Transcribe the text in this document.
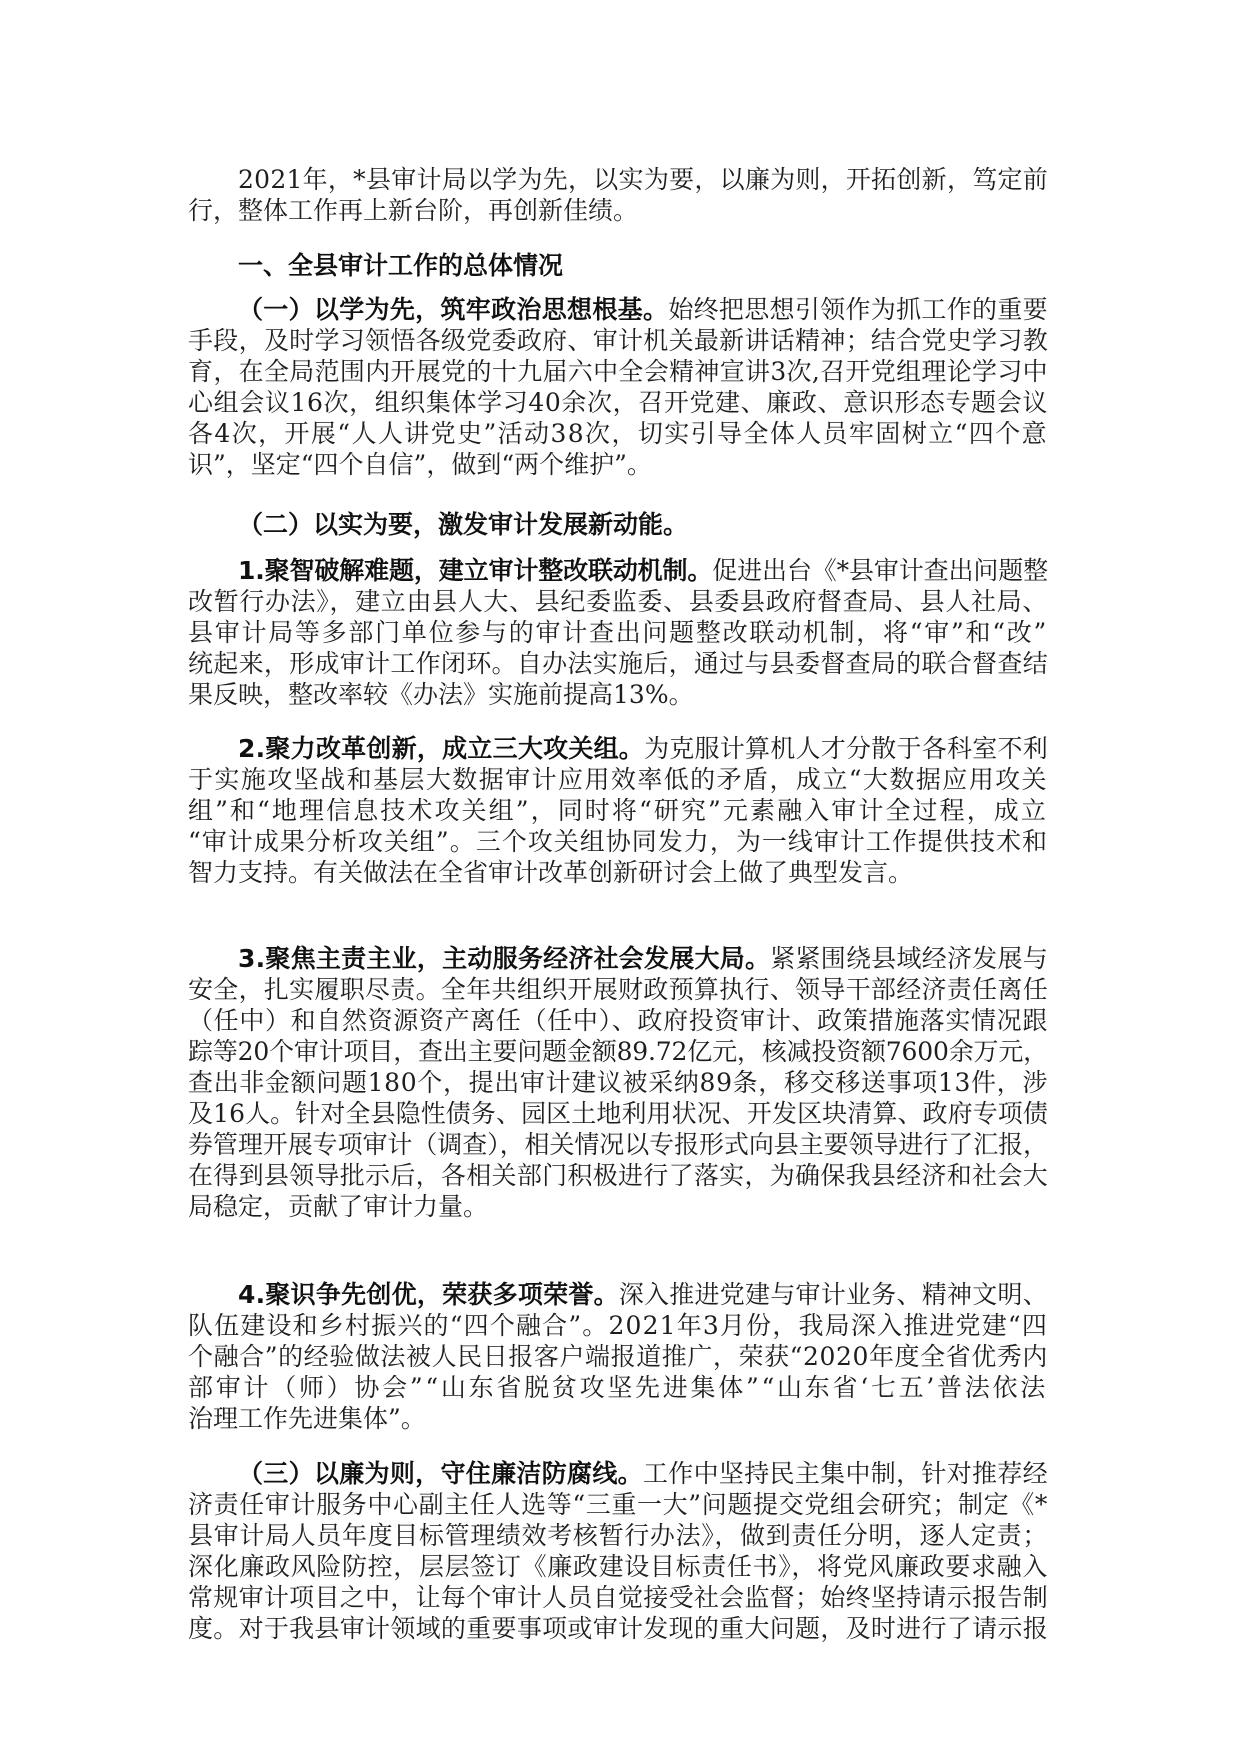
2021年，*县审计局以学为先，以实为要，以廉为则，开拓创新，笃定前
行，整体工作再上新台阶，再创新佳绩。
一、全县审计工作的总体情况
（一）以学为先，筑牢政治思想根基。始终把思想引领作为抓工作的重要
手段，及时学习领悟各级党委政府、审计机关最新讲话精神；结合党史学习教
育，在全局范围内开展党的十九届六中全会精神宣讲3次,召开党组理论学习中
心组会议16次，组织集体学习40余次，召开党建、廉政、意识形态专题会议
各4次，开展“人人讲党史”活动38次，切实引导全体人员牢固树立“四个意
识”，坚定“四个自信”，做到“两个维护”。
（二）以实为要，激发审计发展新动能。
1.聚智破解难题，建立审计整改联动机制。促进出台《*县审计查出问题整
改暂行办法》，建立由县人大、县纪委监委、县委县政府督查局、县人社局、
县审计局等多部门单位参与的审计查出问题整改联动机制，将“审”和“改”
统起来，形成审计工作闭环。自办法实施后，通过与县委督查局的联合督查结
果反映，整改率较《办法》实施前提高13%。
2.聚力改革创新，成立三大攻关组。为克服计算机人才分散于各科室不利
于实施攻坚战和基层大数据审计应用效率低的矛盾，成立“大数据应用攻关
组”和“地理信息技术攻关组”，同时将“研究”元素融入审计全过程，成立
“审计成果分析攻关组”。三个攻关组协同发力，为一线审计工作提供技术和
智力支持。有关做法在全省审计改革创新研讨会上做了典型发言。
3.聚焦主责主业，主动服务经济社会发展大局。紧紧围绕县域经济发展与
安全，扎实履职尽责。全年共组织开展财政预算执行、领导干部经济责任离任
（任中）和自然资源资产离任（任中）、政府投资审计、政策措施落实情况跟
踪等20个审计项目，查出主要问题金额89.72亿元，核减投资额7600余万元，
查出非金额问题180个，提出审计建议被采纳89条，移交移送事项13件，涉
及16人。针对全县隐性债务、园区土地利用状况、开发区块清算、政府专项债
券管理开展专项审计（调查），相关情况以专报形式向县主要领导进行了汇报，
在得到县领导批示后，各相关部门积极进行了落实，为确保我县经济和社会大
局稳定，贡献了审计力量。
4.聚识争先创优，荣获多项荣誉。深入推进党建与审计业务、精神文明、
队伍建设和乡村振兴的“四个融合”。2021年3月份，我局深入推进党建“四
个融合”的经验做法被人民日报客户端报道推广，荣获“2020年度全省优秀内
部审计（师）协会”“山东省脱贫攻坚先进集体”“山东省‘七五’普法依法
治理工作先进集体”。
（三）以廉为则，守住廉洁防腐线。工作中坚持民主集中制，针对推荐经
济责任审计服务中心副主任人选等“三重一大”问题提交党组会研究；制定《*
县审计局人员年度目标管理绩效考核暂行办法》，做到责任分明，逐人定责；
深化廉政风险防控，层层签订《廉政建设目标责任书》，将党风廉政要求融入
常规审计项目之中，让每个审计人员自觉接受社会监督；始终坚持请示报告制
度。对于我县审计领域的重要事项或审计发现的重大问题，及时进行了请示报
